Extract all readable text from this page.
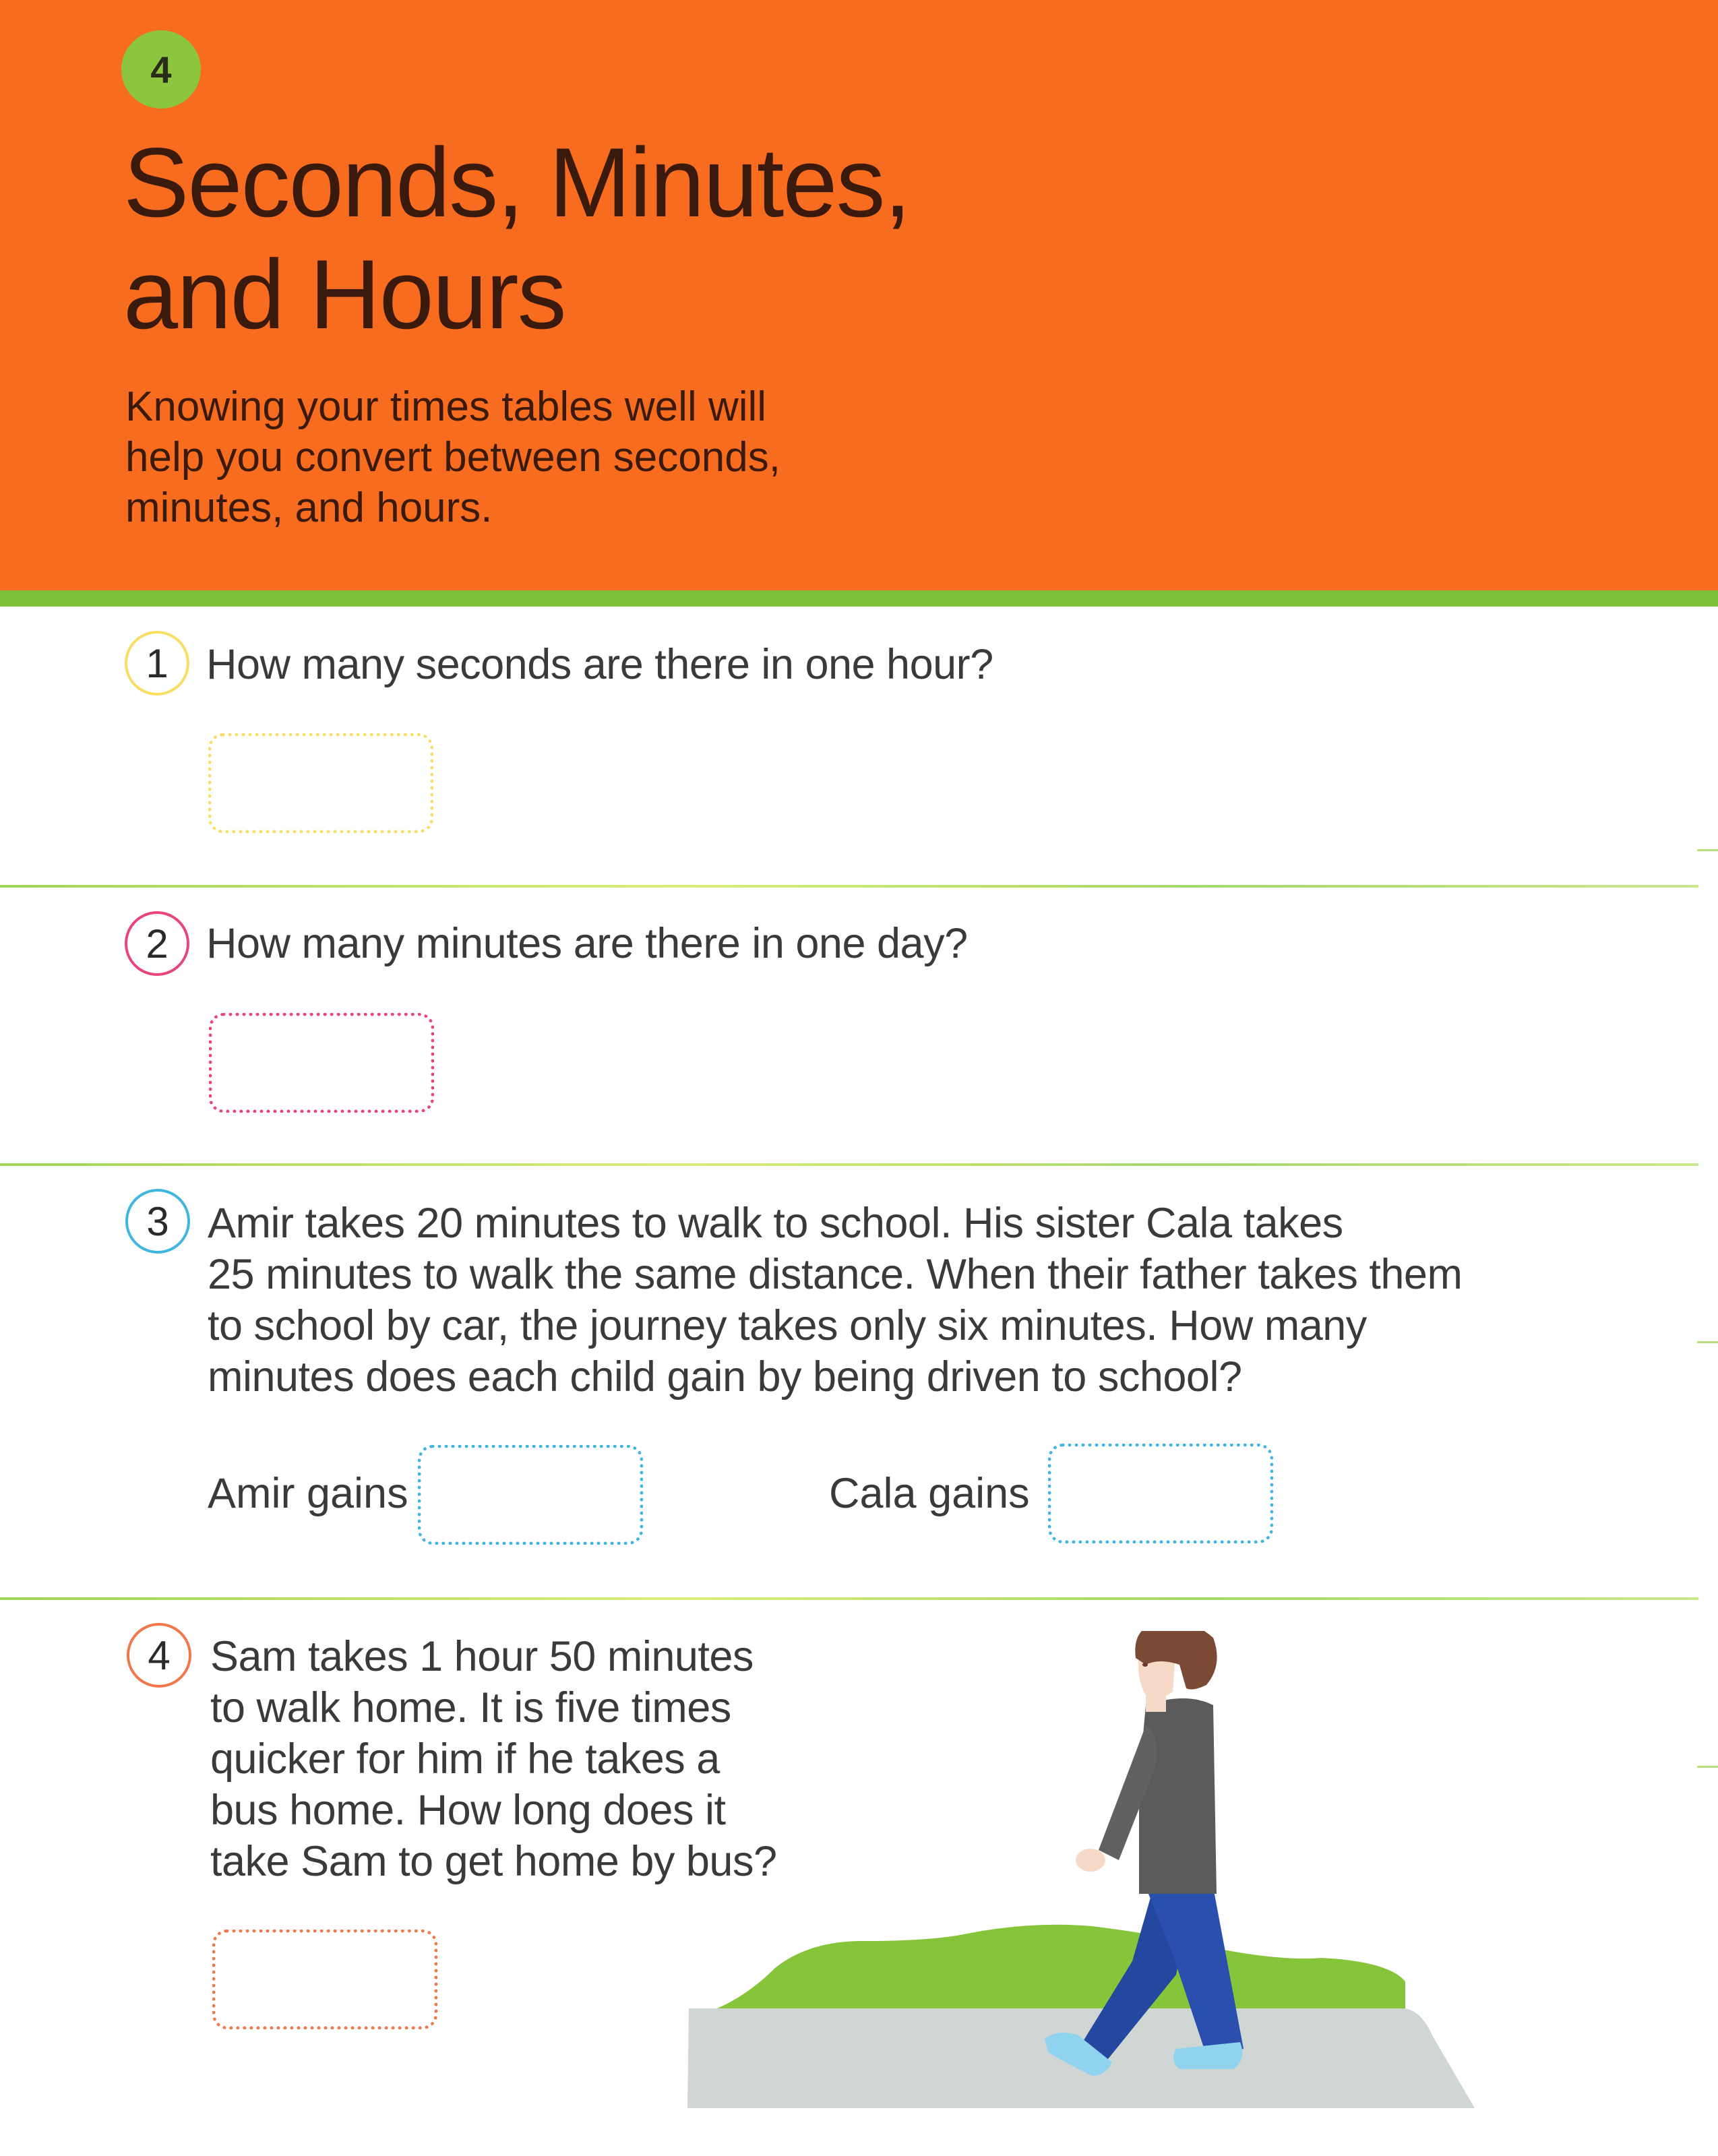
4
Seconds, Minutes,
and Hours

Knowing your times tables well will
help you convert between seconds,
minutes, and hours.

1 How many seconds are there in one hour?

2 How many minutes are there in one day?

3 Amir takes 20 minutes to walk to school. His sister Cala takes
25 minutes to walk the same distance. When their father takes them
to school by car, the journey takes only six minutes. How many
minutes does each child gain by being driven to school?

Amir gains	Cala gains
4 Sam takes 1 hour 50 minutes
to walk home. It is five times
quicker for him if he takes a
bus home. How long does it
take Sam to get home by bus?
